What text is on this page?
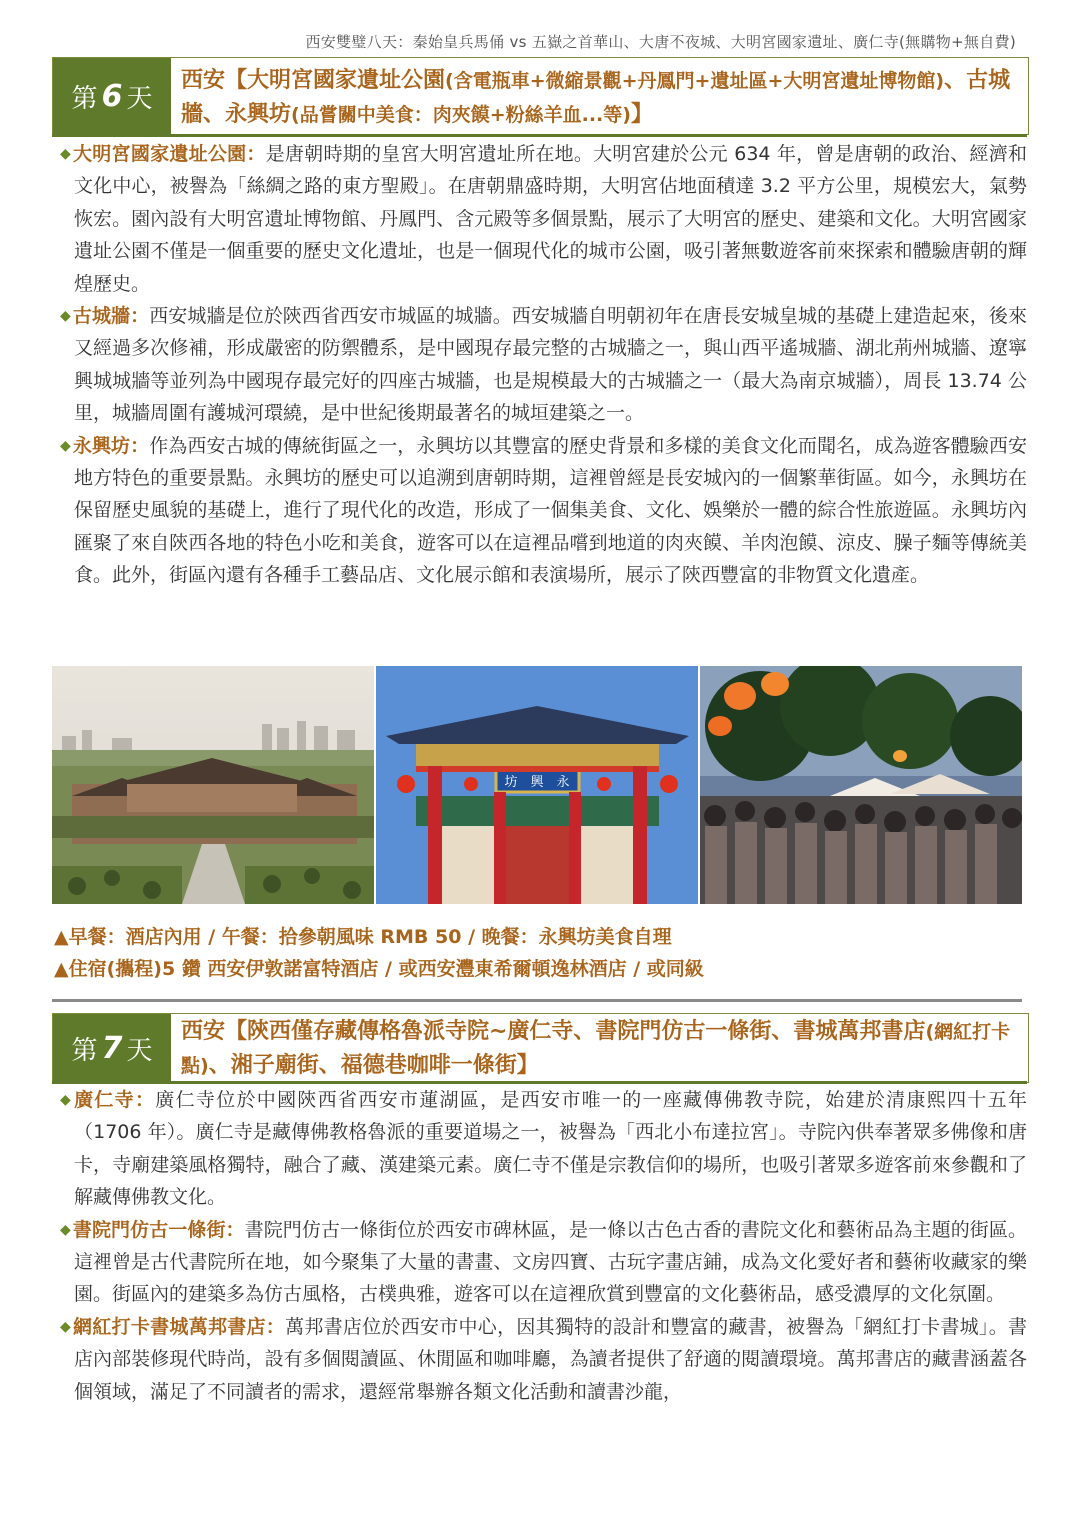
西安雙璧八天：秦始皇兵馬俑 vs 五嶽之首華山、大唐不夜城、大明宮國家遺址、廣仁寺(無購物+無自費)
第 6 天
西安【大明宮國家遺址公園(含電瓶車+微縮景觀+丹鳳門+遺址區+大明宮遺址博物館)、古城牆、永興坊(品嘗關中美食：肉夾饃+粉絲羊血...等)】

◆ 大明宮國家遺址公園：是唐朝時期的皇宮大明宮遺址所在地。大明宮建於公元 634 年，曾是唐朝的政治、經濟和文化中心，被譽為「絲綢之路的東方聖殿」。在唐朝鼎盛時期，大明宮佔地面積達 3.2 平方公里，規模宏大，氣勢恢宏。園內設有大明宮遺址博物館、丹鳳門、含元殿等多個景點，展示了大明宮的歷史、建築和文化。大明宮國家遺址公園不僅是一個重要的歷史文化遺址，也是一個現代化的城市公園，吸引著無數遊客前來探索和體驗唐朝的輝煌歷史。

◆ 古城牆：西安城牆是位於陝西省西安市城區的城牆。西安城牆自明朝初年在唐長安城皇城的基礎上建造起來，後來又經過多次修補，形成嚴密的防禦體系，是中國現存最完整的古城牆之一，與山西平遙城牆、湖北荊州城牆、遼寧興城城牆等並列為中國現存最完好的四座古城牆，也是規模最大的古城牆之一（最大為南京城牆），周長 13.74 公里，城牆周圍有護城河環繞，是中世紀後期最著名的城垣建築之一。

◆ 永興坊：作為西安古城的傳統街區之一，永興坊以其豐富的歷史背景和多樣的美食文化而聞名，成為遊客體驗西安地方特色的重要景點。永興坊的歷史可以追溯到唐朝時期，這裡曾經是長安城內的一個繁華街區。如今，永興坊在保留歷史風貌的基礎上，進行了現代化的改造，形成了一個集美食、文化、娛樂於一體的綜合性旅遊區。永興坊內匯聚了來自陝西各地的特色小吃和美食，遊客可以在這裡品嚐到地道的肉夾饃、羊肉泡饃、涼皮、臊子麵等傳統美食。此外，街區內還有各種手工藝品店、文化展示館和表演場所，展示了陝西豐富的非物質文化遺產。

坊　興　永
▲早餐：酒店內用 / 午餐：拾參朝風味 RMB 50 / 晚餐：永興坊美食自理
▲住宿(攜程)5 鑽 西安伊敦諾富特酒店 / 或西安灃東希爾頓逸林酒店 / 或同級
第 7 天
西安【陝西僅存藏傳格魯派寺院~廣仁寺、書院門仿古一條街、書城萬邦書店(網紅打卡點)、湘子廟街、福德巷咖啡一條街】

◆ 廣仁寺：廣仁寺位於中國陝西省西安市蓮湖區，是西安市唯一的一座藏傳佛教寺院，始建於清康熙四十五年（1706 年）。廣仁寺是藏傳佛教格魯派的重要道場之一，被譽為「西北小布達拉宮」。寺院內供奉著眾多佛像和唐卡，寺廟建築風格獨特，融合了藏、漢建築元素。廣仁寺不僅是宗教信仰的場所，也吸引著眾多遊客前來參觀和了解藏傳佛教文化。

◆ 書院門仿古一條街：書院門仿古一條街位於西安市碑林區，是一條以古色古香的書院文化和藝術品為主題的街區。這裡曾是古代書院所在地，如今聚集了大量的書畫、文房四寶、古玩字畫店鋪，成為文化愛好者和藝術收藏家的樂園。街區內的建築多為仿古風格，古樸典雅，遊客可以在這裡欣賞到豐富的文化藝術品，感受濃厚的文化氛圍。

◆ 網紅打卡書城萬邦書店：萬邦書店位於西安市中心，因其獨特的設計和豐富的藏書，被譽為「網紅打卡書城」。書店內部裝修現代時尚，設有多個閱讀區、休閒區和咖啡廳，為讀者提供了舒適的閱讀環境。萬邦書店的藏書涵蓋各個領域，滿足了不同讀者的需求，還經常舉辦各類文化活動和讀書沙龍，
